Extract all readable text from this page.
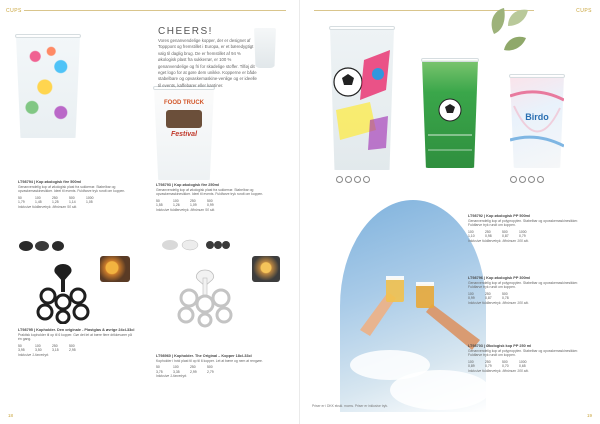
CUPS
FOOD TRUCK
Festival
CHEERS!
Vores genanvendelige kopper, der er designet af Topppont og fremstillet i Europa, er et bæredygtigt valg til daglig brug. De er fremstillet af 94 % økologisk plast fra sukkerrør, er 100 % genanvendelige og fri for skadelige stoffer. Tilføj dit eget logo for at gøre dem unikke. Kopperne er både stabelbare og opvaskemaskine-venlige og er ideelle til events, kaffebarer eller kantiner.
LT98794 | Kop økologisk fire 500ml
Genanvendelig kop af økologisk plast fra sukkerrør. Stabelbar og opvaskemaskinesikker. Ideel til events. Fuldfarve tryk rundt om koppen.
50	100	250	500	1000
1,79	1,45	1,25	1,14	1,05
Inklusive fuldfarvetryk. Minimum 50 stk.
LT98793 | Kop økologisk fire 250ml
Genanvendelig kop af økologisk plast fra sukkerrør. Stabelbar og opvaskemaskinesikker. Ideel til events. Fuldfarve tryk rundt om koppen.
50	100	250	500
1,55	1,26	1,09	0,99
Inklusive fuldfarvetryk. Minimum 50 stk.
LT98795 | Kopholder. Den originale - Plastglas & øvrige 24cl-33cl
Praktisk kopholder til op til 6 kopper. Gør det let at bære flere drikkevarer på én gang.
50	100	250	500
3,95	3,50	3,15	2,95
Inklusive 1-farvetryk.	LT98960 | Kopholder. The Original – Kopper 18cl-33cl
Kopholder i hvid plast til op til 6 kopper. Let at bære og nem at rengøre.
50	100	250	500
3,75	3,35	2,99	2,79
Inklusive 1-farvetryk.
18
CUPS
Birdo
LT98792 | Kop økologisk PP 500ml
Genanvendelig kop af polypropylen. Stabelbar og opvaskemaskinesikker. Fuldfarve tryk rundt om koppen.
100	250	500	1000
1,10	0,98	0,87	0,79
Inklusive fuldfarvetryk. Minimum 100 stk.
LT98796 | Kop økologisk PP 300ml
Genanvendelig kop af polypropylen. Stabelbar og opvaskemaskinesikker. Fuldfarve tryk rundt om koppen.
100	250	500
0,99	0,87	0,78
Inklusive fuldfarvetryk. Minimum 100 stk.
LT98703 | Økologisk kop PP 250 ml
Genanvendelig kop af polypropylen. Stabelbar og opvaskemaskinesikker. Fuldfarve tryk rundt om koppen.
100	250	500	1000
0,89	0,79	0,70	0,65
Inklusive fuldfarvetryk. Minimum 100 stk.
Priser er i DKK ekskl. moms. Priser er inklusive tryk.
19
